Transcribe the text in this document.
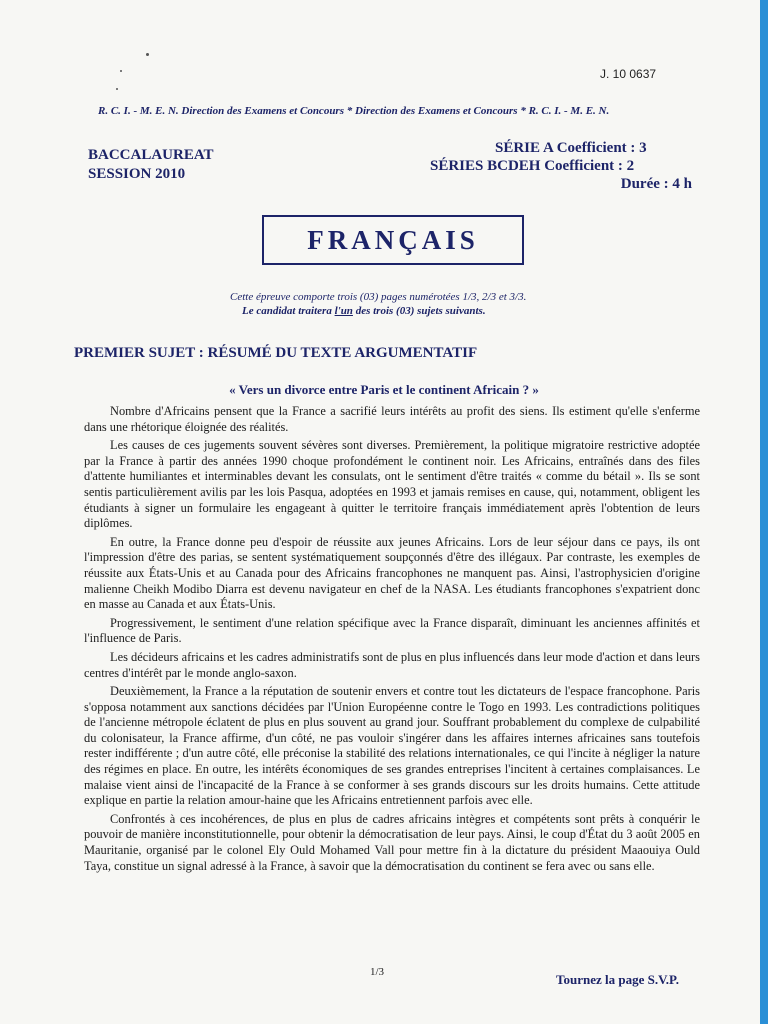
J. 10 0637
R. C. I. - M. E. N. Direction des Examens et Concours * Direction des Examens et Concours * R. C. I. - M. E. N.
BACCALAUREAT
SESSION 2010
SÉRIE A Coefficient : 3
SÉRIES BCDEH Coefficient : 2
Durée : 4 h
FRANÇAIS
Cette épreuve comporte trois (03) pages numérotées 1/3, 2/3 et 3/3.
Le candidat traitera l'un des trois (03) sujets suivants.
PREMIER SUJET : RÉSUMÉ DU TEXTE ARGUMENTATIF
« Vers un divorce entre Paris et le continent Africain ? »

Nombre d'Africains pensent que la France a sacrifié leurs intérêts au profit des siens. Ils estiment qu'elle s'enferme dans une rhétorique éloignée des réalités.

Les causes de ces jugements souvent sévères sont diverses. Premièrement, la politique migratoire restrictive adoptée par la France à partir des années 1990 choque profondément le continent noir. Les Africains, entraînés dans des files d'attente humiliantes et interminables devant les consulats, ont le sentiment d'être traités « comme du bétail ». Ils se sont sentis particulièrement avilis par les lois Pasqua, adoptées en 1993 et jamais remises en cause, qui, notamment, obligent les étudiants à signer un formulaire les engageant à quitter le territoire français immédiatement après l'obtention de leurs diplômes.

En outre, la France donne peu d'espoir de réussite aux jeunes Africains. Lors de leur séjour dans ce pays, ils ont l'impression d'être des parias, se sentent systématiquement soupçonnés d'être des illégaux. Par contraste, les exemples de réussite aux États-Unis et au Canada pour des Africains francophones ne manquent pas. Ainsi, l'astrophysicien d'origine malienne Cheikh Modibo Diarra est devenu navigateur en chef de la NASA. Les étudiants francophones s'expatrient donc en masse au Canada et aux États-Unis.

Progressivement, le sentiment d'une relation spécifique avec la France disparaît, diminuant les anciennes affinités et l'influence de Paris.

Les décideurs africains et les cadres administratifs sont de plus en plus influencés dans leur mode d'action et dans leurs centres d'intérêt par le monde anglo-saxon.

Deuxièmement, la France a la réputation de soutenir envers et contre tout les dictateurs de l'espace francophone. Paris s'opposa notamment aux sanctions décidées par l'Union Européenne contre le Togo en 1993. Les contradictions politiques de l'ancienne métropole éclatent de plus en plus souvent au grand jour. Souffrant probablement du complexe de culpabilité du colonisateur, la France affirme, d'un côté, ne pas vouloir s'ingérer dans les affaires internes africaines sans toutefois rester indifférente ; d'un autre côté, elle préconise la stabilité des relations internationales, ce qui l'incite à négliger la nature des régimes en place. En outre, les intérêts économiques de ses grandes entreprises l'incitent à certaines complaisances. Le malaise vient ainsi de l'incapacité de la France à se conformer à ses grands discours sur les droits humains. Cette attitude explique en partie la relation amour-haine que les Africains entretiennent parfois avec elle.

Confrontés à ces incohérences, de plus en plus de cadres africains intègres et compétents sont prêts à conquérir le pouvoir de manière inconstitutionnelle, pour obtenir la démocratisation de leur pays. Ainsi, le coup d'État du 3 août 2005 en Mauritanie, organisé par le colonel Ely Ould Mohamed Vall pour mettre fin à la dictature du président Maaouiya Ould Taya, constitue un signal adressé à la France, à savoir que la démocratisation du continent se fera avec ou sans elle.

1/3	Tournez la page S.V.P.
